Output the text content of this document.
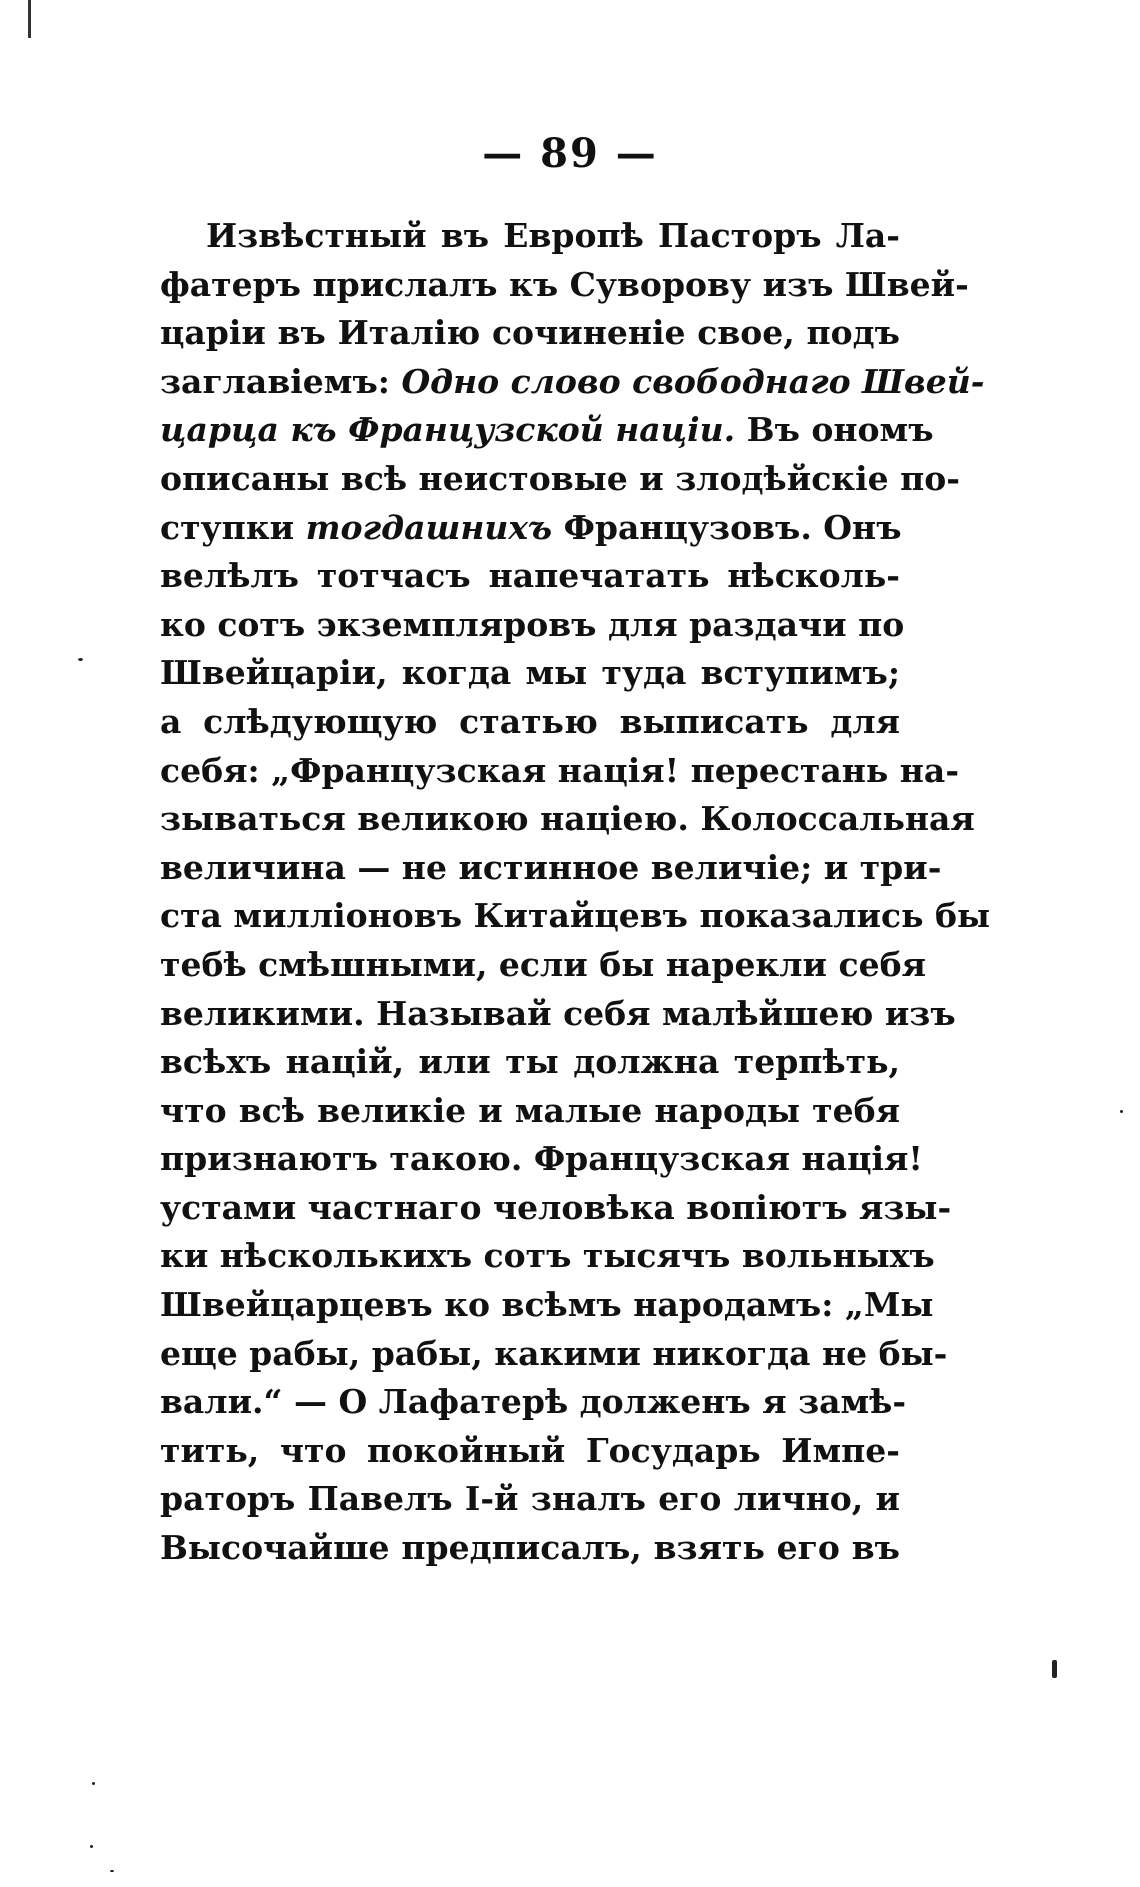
— 89 —
Извѣстный въ Европѣ Пасторъ Ла-
фатеръ прислалъ къ Суворову изъ Швей-
царіи въ Италію сочиненіе свое, подъ
заглавіемъ: Одно слово свободнаго Швей-
царца къ Французской націи. Въ ономъ
описаны всѣ неистовые и злодѣйскіе по-
ступки тогдашнихъ Французовъ. Онъ
велѣлъ тотчасъ напечатать нѣсколь-
ко сотъ экземпляровъ для раздачи по
Швейцаріи, когда мы туда вступимъ;
а слѣдующую статью выписать для
себя: „Французская нація! перестань на-
зываться великою націею. Колоссальная
величина — не истинное величіе; и три-
ста милліоновъ Китайцевъ показались бы
тебѣ смѣшными, если бы нарекли себя
великими. Называй себя малѣйшею изъ
всѣхъ націй, или ты должна терпѣть,
что всѣ великіе и малые народы тебя
признаютъ такою. Французская нація!
устами частнаго человѣка вопіютъ язы-
ки нѣсколькихъ сотъ тысячъ вольныхъ
Швейцарцевъ ко всѣмъ народамъ: „Мы
еще рабы, рабы, какими никогда не бы-
вали.“ — О Лафатерѣ долженъ я замѣ-
тить, что покойный Государь Импе-
раторъ Павелъ І-й зналъ его лично, и
Высочайше предписалъ, взять его въ
